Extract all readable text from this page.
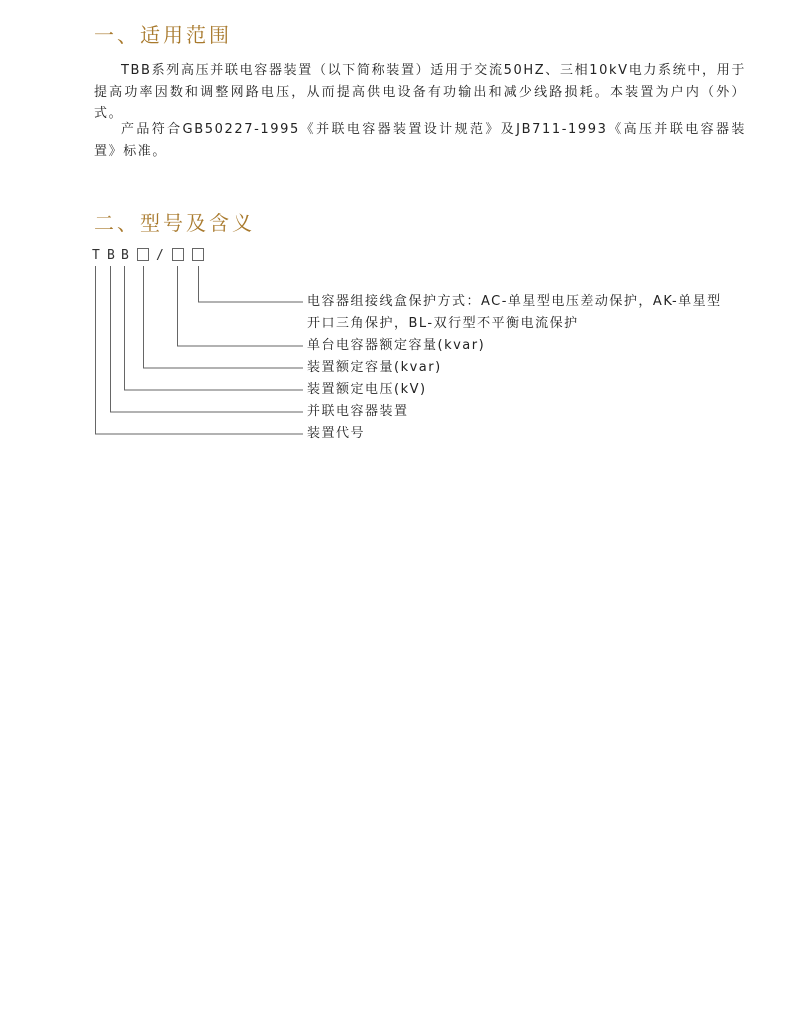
一、适用范围

TBB系列高压并联电容器装置（以下简称装置）适用于交流50HZ、三相10kV电力系统中，用于提高功率因数和调整网路电压，从而提高供电设备有功输出和减少线路损耗。本装置为户内（外）式。

产品符合GB50227-1995《并联电容器装置设计规范》及JB711-1993《高压并联电容器装置》标准。

二、型号及含义
T B B /

电容器组接线盒保护方式：AC-单星型电压差动保护，AK-单星型

开口三角保护，BL-双行型不平衡电流保护

单台电容器额定容量(kvar)

装置额定容量(kvar)

装置额定电压(kV)

并联电容器装置

装置代号
